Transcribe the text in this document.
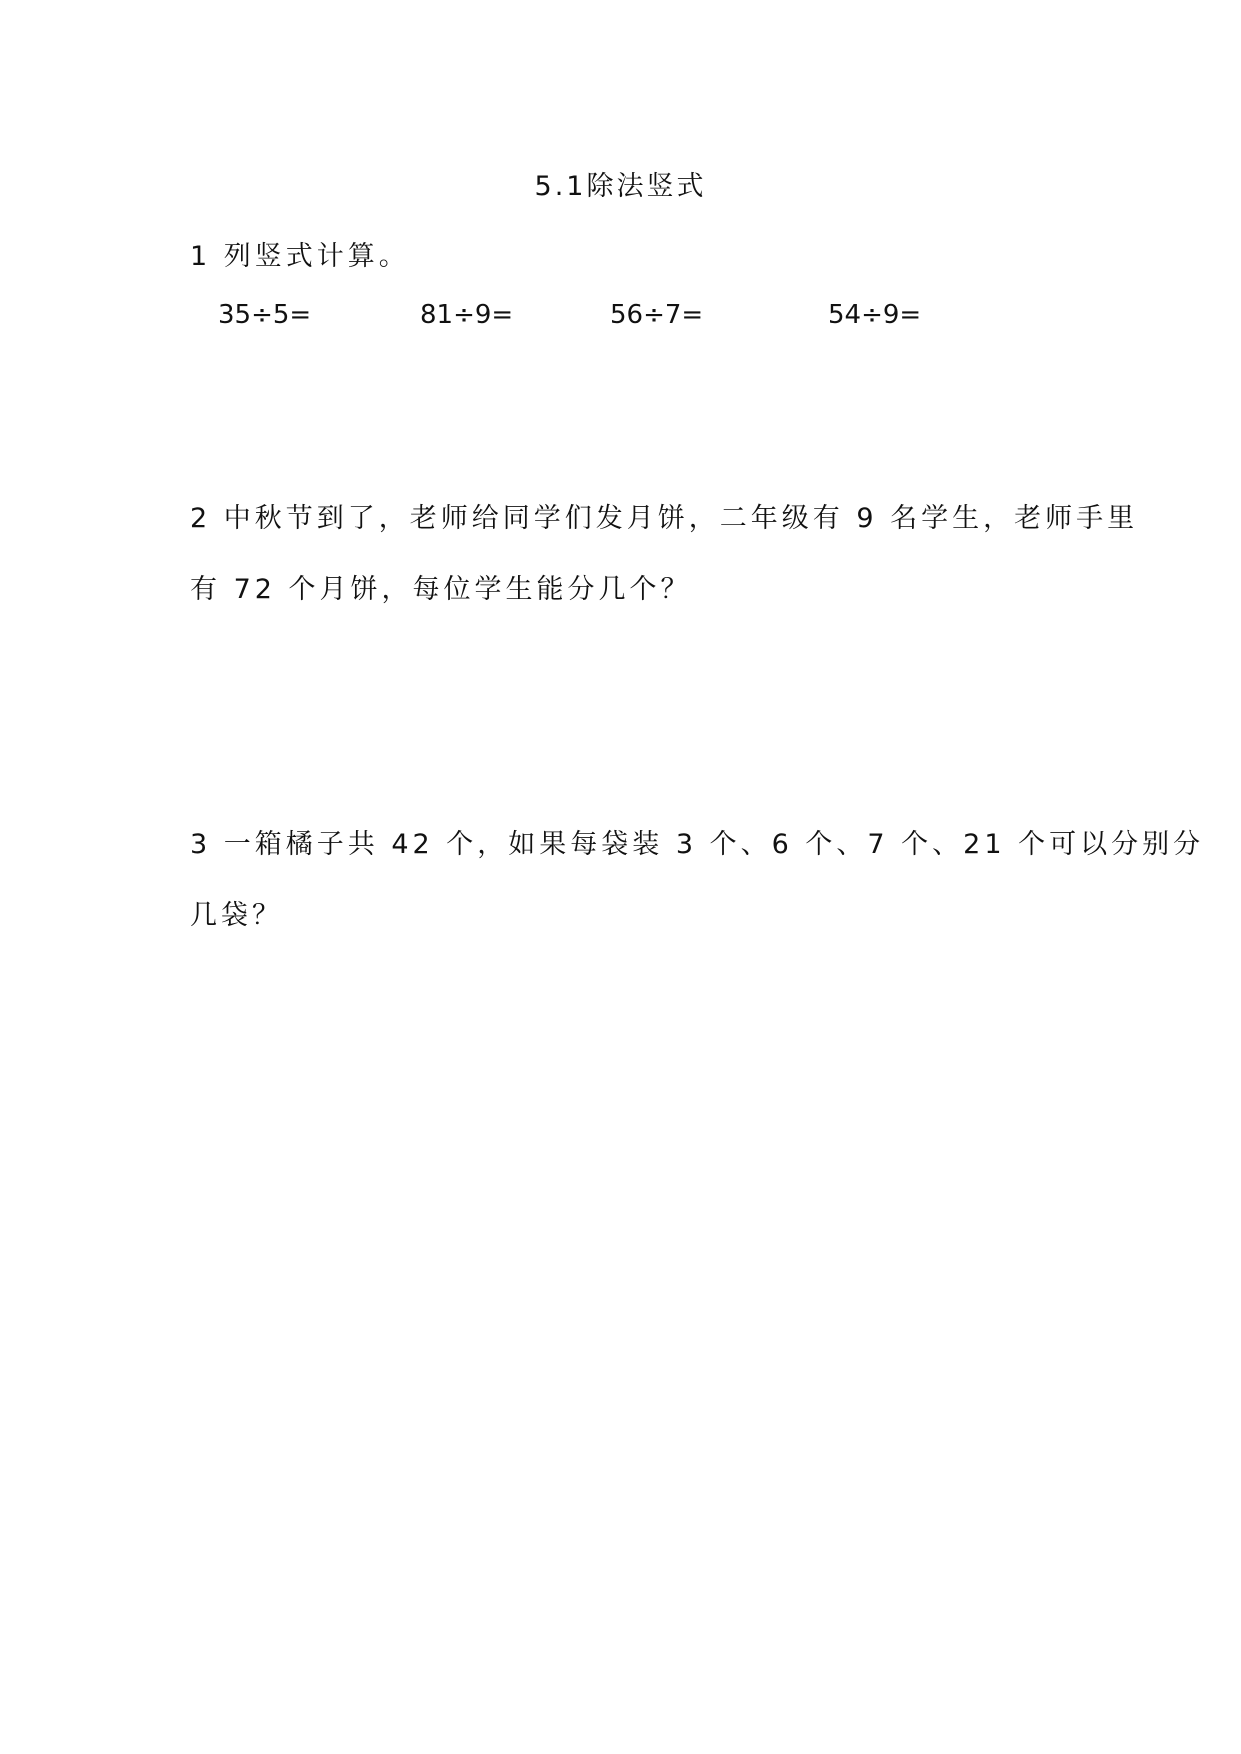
5.1除法竖式
1 列竖式计算。
35÷5=	81÷9=	56÷7=	54÷9=
2 中秋节到了，老师给同学们发月饼，二年级有 9 名学生，老师手里
有 72 个月饼，每位学生能分几个？
3 一箱橘子共 42 个，如果每袋装 3 个、6 个、7 个、21 个可以分别分
几袋？
